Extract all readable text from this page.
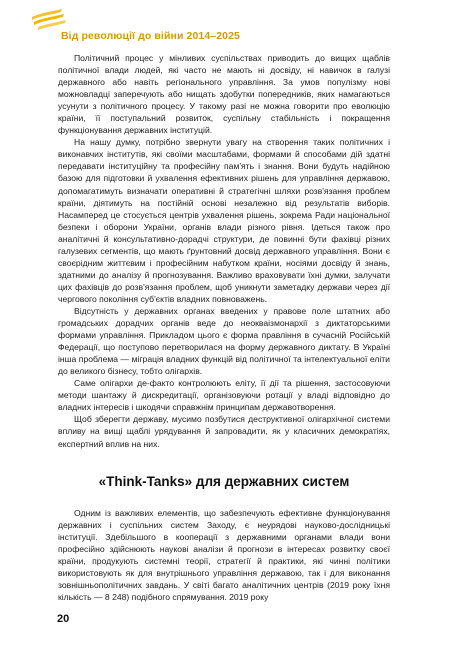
Від революції до війни 2014–2025

Політичний процес у мінливих суспільствах приводить до вищих щаблів політичної влади людей, які часто не мають ні досвіду, ні навичок в галузі державного або навіть регіонального управління. За умов популізму нові можновладці заперечують або нищать здобутки попередників, яких намагаються усунути з політичного процесу. У такому разі не можна говорити про еволюцію країни, її поступальний розвиток, суспільну стабільність і покращення функціонування державних інституцій.

На нашу думку, потрібно звернути увагу на створення таких політичних і виконавчих інститутів, які своїми масштабами, формами й способами дій здатні передавати інституційну та професійну пам'ять і знання. Вони будуть надійною базою для підготовки й ухвалення ефективних рішень для управління державою, допомагатимуть визначати оперативні й стратегічні шляхи розв'язання проблем країни, діятимуть на постійній основі незалежно від результатів виборів. Насамперед це стосується центрів ухвалення рішень, зокрема Ради національної безпеки і оборони України, органів влади різного рівня. Ідеться також про аналітичні й консультативно-дорадчі структури, де повинні бути фахівці різних галузевих сегментів, що мають ґрунтовний досвід державного управління. Вони є своєрідним життєвим і професійним набутком країни, носіями досвіду й знань, здатними до аналізу й прогнозування. Важливо враховувати їхні думки, залучати цих фахівців до розв'язання проблем, щоб уникнути заметадку держави через дії чергового покоління суб'єктів владних повноважень.

Відсутність у державних органах введених у правове поле штатних або громадських дорадчих органів веде до неокваізмонархії з диктаторськими формами управління. Прикладом цього є форма правління в сучасній Російській Федерації, що поступово перетворилася на форму державного диктату. В Україні інша проблема — міграція владних функцій від політичної та інтелектуальної еліти до великого бізнесу, тобто олігархів.

Саме олігархи де-факто контролюють еліту, її дії та рішення, застосовуючи методи шантажу й дискредитації, організовуючи ротації у владі відповідно до владних інтересів і шкодячи справжнім принципам державотворення.

Щоб зберегти державу, мусимо позбутися деструктивної олігархічної системи впливу на вищі щаблі урядування й запровадити, як у класичних демократіях, експертний вплив на них.

«Think-Tanks» для державних систем

Одним із важливих елементів, що забезпечують ефективне функціонування державних і суспільних систем Заходу, є неурядові науково-дослідницькі інституції. Здебільшого в кооперації з державними органами влади вони професійно здійснюють наукові аналізи й прогнози в інтересах розвитку своєї країни, продукують системні теорії, стратегії й практики, які чинні політики використовують як для внутрішнього управління державою, так і для виконання зовнішньополітичних завдань. У світі багато аналітичних центрів (2019 року їхня кількість — 8 248) подібного спрямування. 2019 року

20
